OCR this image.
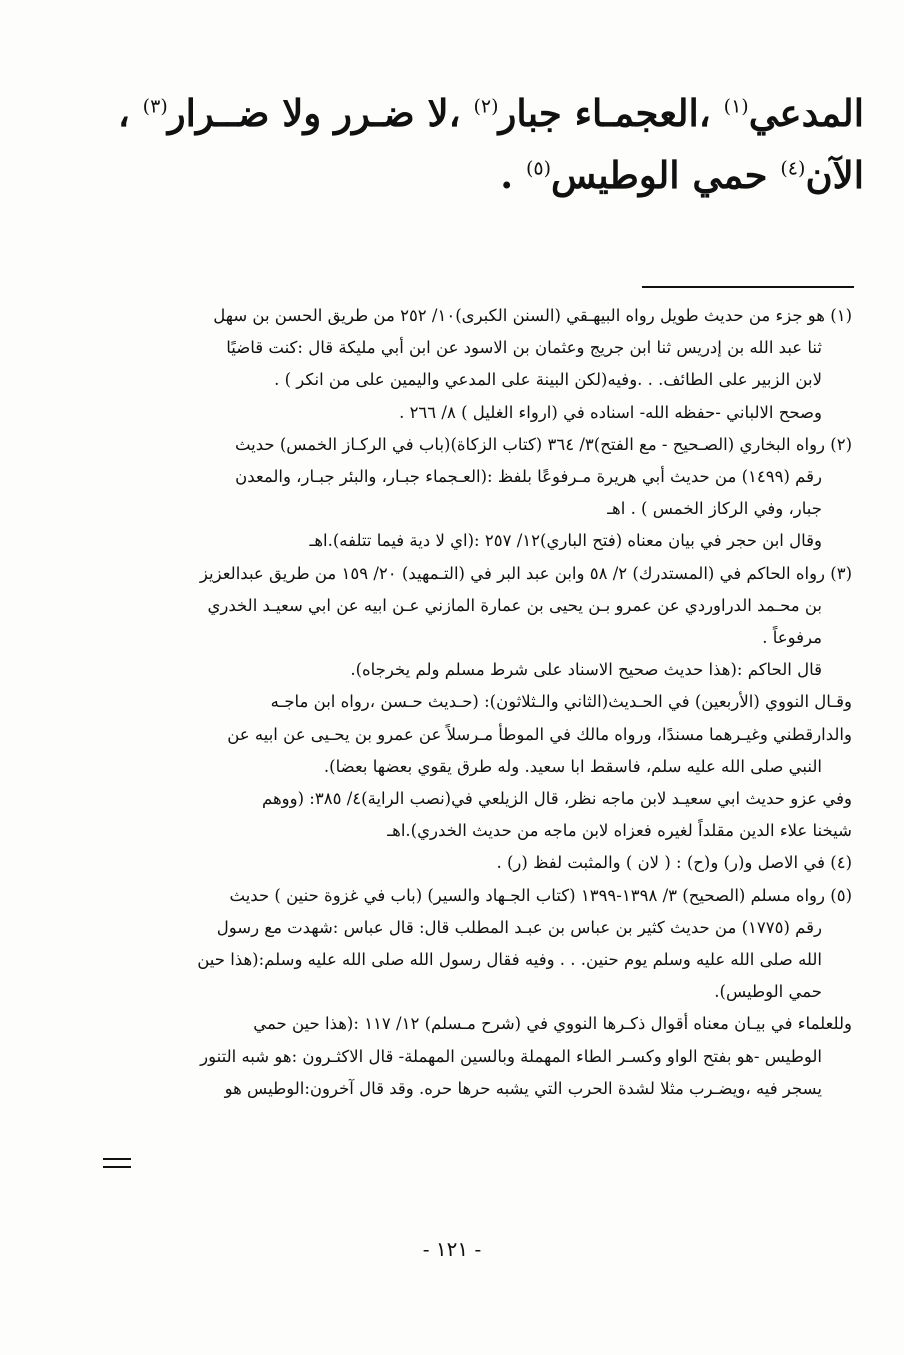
المدعي$^{(١)}$ ،العجمـاء جبار$^{(٢)}$ ،لا ضـرر ولا ضــرار$^{(٣)}$ ، الآن$^{(٤)}$ حمي الوطيس$^{(٥)}$ .

(١) هو جزء من حديث طويل رواه البيهـقي (السنن الكبرى)١٠/ ٢٥٢ من طريق الحسن بن سهل

ثنا عبد الله بن إدريس ثنا ابن جريج وعثمان بن الاسود عن ابن أبي مليكة قال :كنت قاضيًا

لابن الزبير على الطائف. . .وفيه(لكن البينة على المدعي واليمين على من انكر ) .

وصحح الالباني -حفظه الله- اسناده في (ارواء الغليل ) ٨/ ٢٦٦ .

(٢) رواه البخاري (الصـحيح - مع الفتح)٣/ ٣٦٤ (كتاب الزكاة)(باب في الركـاز الخمس) حديث

رقم (١٤٩٩) من حديث أبي هريرة مـرفوعًا بلفظ :(العـجماء جبـار، والبئر جبـار، والمعدن

جبار، وفي الركاز الخمس ) . اهـ

وقال ابن حجر في بيان معناه (فتح الباري)١٢/ ٢٥٧ :(اي لا دية فيما تتلفه).اهـ

(٣) رواه الحاكم في (المستدرك) ٢/ ٥٨ وابن عبد البر في (التـمهيد) ٢٠/ ١٥٩ من طريق عبدالعزيز

بن محـمد الدراوردي عن عمرو بـن يحيى بن عمارة المازني عـن ابيه عن ابي سعيـد الخدري

مرفوعاً .

قال الحاكم :(هذا حديث صحيح الاسناد على شرط مسلم ولم يخرجاه).

وقـال النووي (الأربعين) في الحـديث(الثاني والـثلاثون): (حـديث حـسن ،رواه ابن ماجـه

والدارقطني وغيـرهما مسندًا، ورواه مالك في الموطأ مـرسلاً عن عمرو بن يحـيى عن ابيه عن

النبي صلى الله عليه سلم، فاسقط ابا سعيد. وله طرق يقوي بعضها بعضا).

وفي عزو حديث ابي سعيـد لابن ماجه نظر، قال الزيلعي في(نصب الراية)٤/ ٣٨٥: (ووهم

شيخنا علاء الدين مقلداً لغيره فعزاه لابن ماجه من حديث الخدري).اهـ

(٤) في الاصل و(ر) و(ح) : ( لان ) والمثبت لفظ (ر) .

(٥) رواه مسلم (الصحيح) ٣/ ١٣٩٨-١٣٩٩ (كتاب الجـهاد والسير) (باب في غزوة حنين ) حديث

رقم (١٧٧٥) من حديث كثير بن عباس بن عبـد المطلب قال: قال عباس :شهدت مع رسول

الله صلى الله عليه وسلم يوم حنين. . . وفيه فقال رسول الله صلى الله عليه وسلم:(هذا حين

حمي الوطيس).

وللعلماء في بيـان معناه أقوال ذكـرها النووي في (شرح مـسلم) ١٢/ ١١٧ :(هذا حين حمي

الوطيس -هو بفتح الواو وكسـر الطاء المهملة وبالسين المهملة- قال الاكثـرون :هو شبه التنور

يسجر فيه ،ويضـرب مثلا لشدة الحرب التي يشبه حرها حره. وقد قال آخرون:الوطيس هو

- ١٢١ -
